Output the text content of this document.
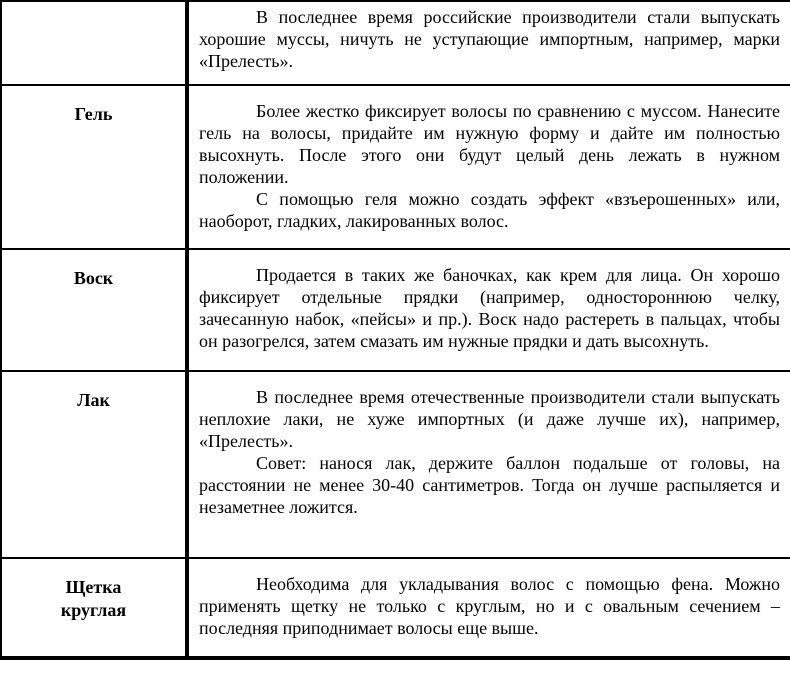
	В последнее время российские производители стали выпускать хорошие муссы, ничуть не уступающие импортным, например, марки «Прелесть».

Гель	Более жестко фиксирует волосы по сравнению с муссом. Нанесите гель на волосы, придайте им нужную форму и дайте им полностью высохнуть. После этого они будут целый день лежать в нужном положении.

С помощью геля можно создать эффект «взъерошенных» или, наоборот, гладких, лакированных волос.

Воск	Продается в таких же баночках, как крем для лица. Он хорошо фиксирует отдельные прядки (например, одностороннюю челку, зачесанную набок, «пейсы» и пр.). Воск надо растереть в пальцах, чтобы он разогрелся, затем смазать им нужные прядки и дать высохнуть.

Лак	В последнее время отечественные производители стали выпускать неплохие лаки, не хуже импортных (и даже лучше их), например, «Прелесть».

Совет: нанося лак, держите баллон подальше от головы, на расстоянии не менее 30-40 сантиметров. Тогда он лучше распыляется и незаметнее ложится.

Щетка круглая	Необходима для укладывания волос с помощью фена. Можно применять щетку не только с круглым, но и с овальным сечением – последняя приподнимает волосы еще выше.
